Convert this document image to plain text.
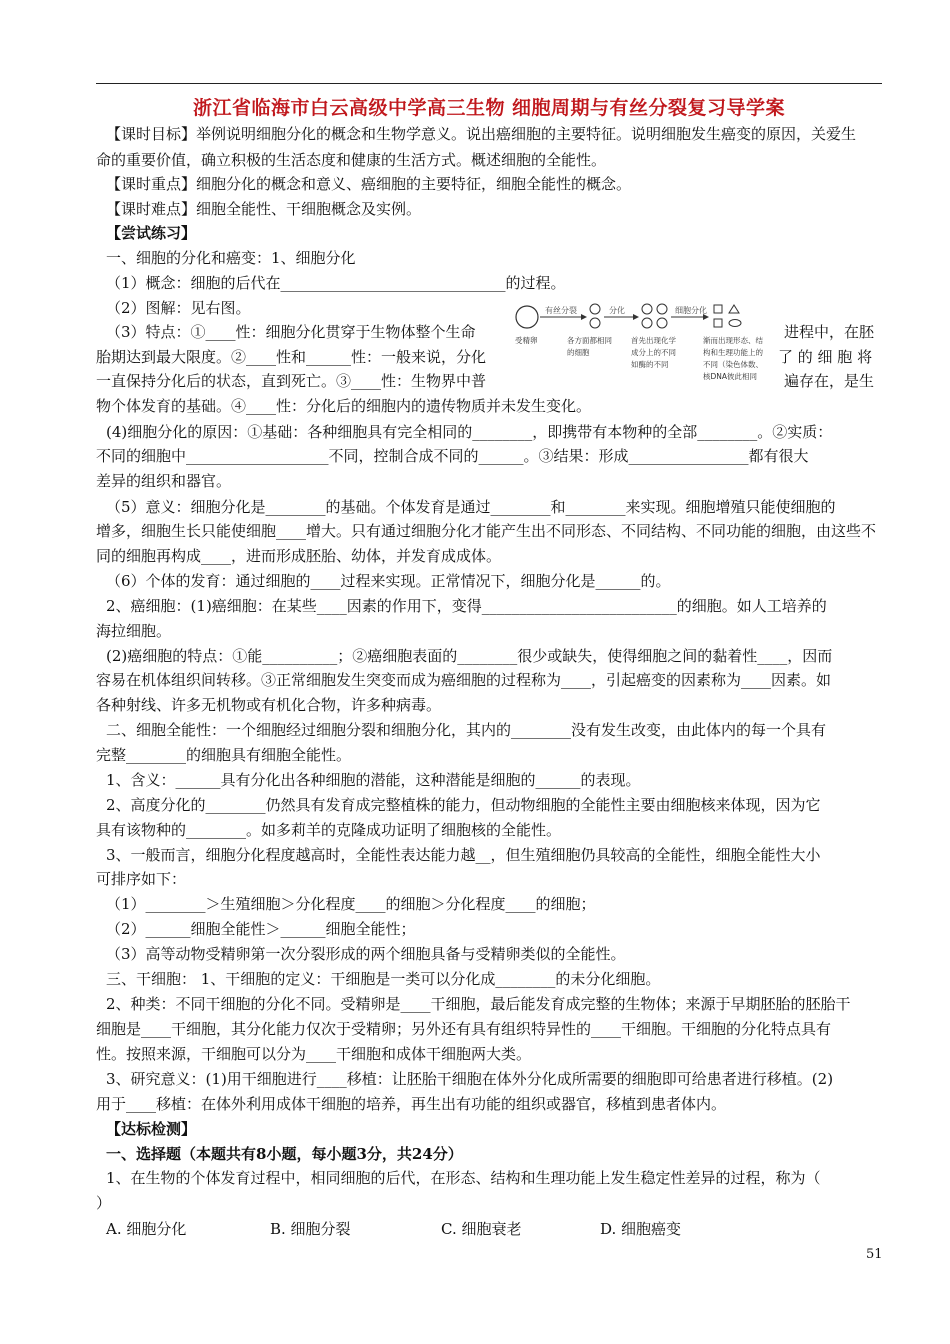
浙江省临海市白云高级中学高三生物 细胞周期与有丝分裂复习导学案
【课时目标】举例说明细胞分化的概念和生物学意义。说出癌细胞的主要特征。说明细胞发生癌变的原因，关爱生
命的重要价值，确立积极的生活态度和健康的生活方式。概述细胞的全能性。
【课时重点】细胞分化的概念和意义、癌细胞的主要特征，细胞全能性的概念。
【课时难点】细胞全能性、干细胞概念及实例。
【尝试练习】
一、细胞的分化和癌变：1、细胞分化
（1）概念：细胞的后代在______________________________的过程。
（2）图解：见右图。
（3）特点：①____性：细胞分化贯穿于生物体整个生命
胎期达到最大限度。②____性和______性：一般来说，分化
一直保持分化后的状态，直到死亡。③____性：生物界中普
物个体发育的基础。④____性：分化后的细胞内的遗传物质并未发生变化。
进程中，在胚
了 的 细 胞 将
遍存在，是生
有丝分裂	分化	细胞分化
受精卵	各方面都相同
的细胞
首先出现化学
成分上的不同
如酶的不同
渐而出现形态、结
构和生理功能上的
不同（染色体数、
核DNA彼此相同
(4)细胞分化的原因：①基础：各种细胞具有完全相同的________，即携带有本物种的全部________。②实质：
不同的细胞中___________________不同，控制合成不同的______。③结果：形成________________都有很大
差异的组织和器官。
（5）意义：细胞分化是________的基础。个体发育是通过________和________来实现。细胞增殖只能使细胞的
增多，细胞生长只能使细胞____增大。只有通过细胞分化才能产生出不同形态、不同结构、不同功能的细胞，由这些不
同的细胞再构成____，进而形成胚胎、幼体，并发育成成体。
（6）个体的发育：通过细胞的____过程来实现。正常情况下，细胞分化是______的。
2、癌细胞：(1)癌细胞：在某些____因素的作用下，变得__________________________的细胞。如人工培养的
海拉细胞。
(2)癌细胞的特点：①能__________；②癌细胞表面的________很少或缺失，使得细胞之间的黏着性____，因而
容易在机体组织间转移。③正常细胞发生突变而成为癌细胞的过程称为____，引起癌变的因素称为____因素。如
各种射线、许多无机物或有机化合物，许多种病毒。
二、细胞全能性：一个细胞经过细胞分裂和细胞分化，其内的________没有发生改变，由此体内的每一个具有
完整________的细胞具有细胞全能性。
1、含义：______具有分化出各种细胞的潜能，这种潜能是细胞的______的表现。
2、高度分化的________仍然具有发育成完整植株的能力，但动物细胞的全能性主要由细胞核来体现，因为它
具有该物种的________。如多莉羊的克隆成功证明了细胞核的全能性。
3、一般而言，细胞分化程度越高时，全能性表达能力越__，但生殖细胞仍具较高的全能性，细胞全能性大小
可排序如下：
（1）________＞生殖细胞＞分化程度____的细胞＞分化程度____的细胞；
（2）______细胞全能性＞______细胞全能性；
（3）高等动物受精卵第一次分裂形成的两个细胞具备与受精卵类似的全能性。
三、干细胞： 1、干细胞的定义：干细胞是一类可以分化成________的未分化细胞。
2、种类：不同干细胞的分化不同。受精卵是____干细胞，最后能发育成完整的生物体；来源于早期胚胎的胚胎干
细胞是____干细胞，其分化能力仅次于受精卵；另外还有具有组织特异性的____干细胞。干细胞的分化特点具有
性。按照来源，干细胞可以分为____干细胞和成体干细胞两大类。
3、研究意义：(1)用干细胞进行____移植：让胚胎干细胞在体外分化成所需要的细胞即可给患者进行移植。(2)
用于____移植：在体外利用成体干细胞的培养，再生出有功能的组织或器官，移植到患者体内。
【达标检测】
一、选择题（本题共有8小题，每小题3分，共24分）
1、在生物的个体发育过程中，相同细胞的后代，在形态、结构和生理功能上发生稳定性差异的过程，称为（
）
A. 细胞分化	B. 细胞分裂	C. 细胞衰老	D. 细胞癌变
51
